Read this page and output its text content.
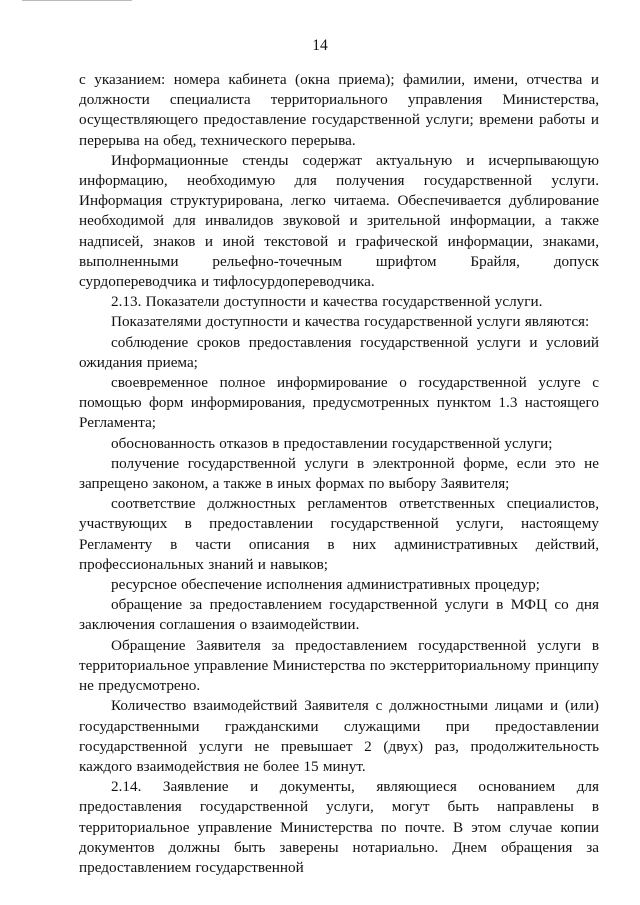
14

с указанием: номера кабинета (окна приема); фамилии, имени, отчества и должности специалиста территориального управления Министерства, осуществляющего предоставление государственной услуги; времени работы и перерыва на обед, технического перерыва.

Информационные стенды содержат актуальную и исчерпывающую информацию, необходимую для получения государственной услуги. Информация структурирована, легко читаема. Обеспечивается дублирование необходимой для инвалидов звуковой и зрительной информации, а также надписей, знаков и иной текстовой и графической информации, знаками, выполненными рельефно-точечным шрифтом Брайля, допуск сурдопереводчика и тифлосурдопереводчика.

2.13. Показатели доступности и качества государственной услуги.

Показателями доступности и качества государственной услуги являются:

соблюдение сроков предоставления государственной услуги и условий ожидания приема;

своевременное полное информирование о государственной услуге с помощью форм информирования, предусмотренных пунктом 1.3 настоящего Регламента;

обоснованность отказов в предоставлении государственной услуги;

получение государственной услуги в электронной форме, если это не запрещено законом, а также в иных формах по выбору Заявителя;

соответствие должностных регламентов ответственных специалистов, участвующих в предоставлении государственной услуги, настоящему Регламенту в части описания в них административных действий, профессиональных знаний и навыков;

ресурсное обеспечение исполнения административных процедур;

обращение за предоставлением государственной услуги в МФЦ со дня заключения соглашения о взаимодействии.

Обращение Заявителя за предоставлением государственной услуги в территориальное управление Министерства по экстерриториальному принципу не предусмотрено.

Количество взаимодействий Заявителя с должностными лицами и (или) государственными гражданскими служащими при предоставлении государственной услуги не превышает 2 (двух) раз, продолжительность каждого взаимодействия не более 15 минут.

2.14. Заявление и документы, являющиеся основанием для предоставления государственной услуги, могут быть направлены в территориальное управление Министерства по почте. В этом случае копии документов должны быть заверены нотариально. Днем обращения за предоставлением государственной
